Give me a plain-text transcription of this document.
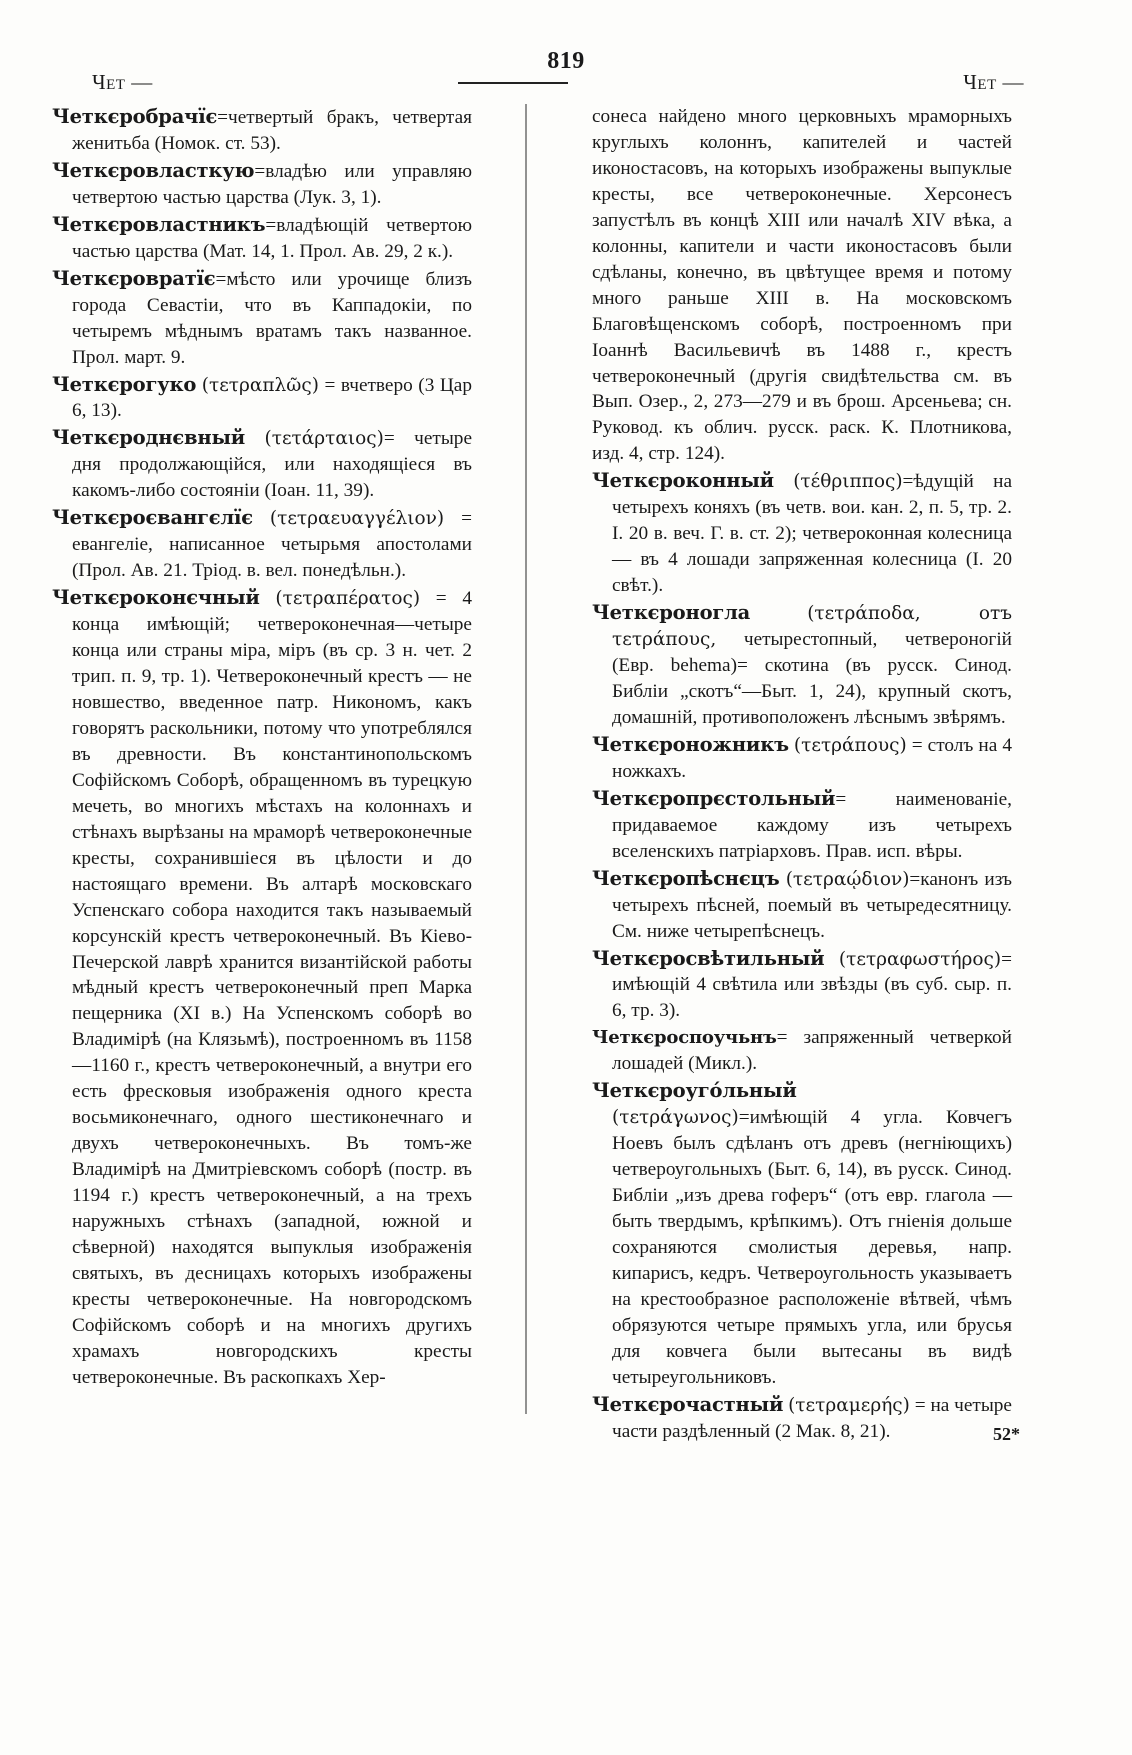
819
Чет —	Чет —

Четкєробрачїє=четвертый бракъ, четвертая женитьба (Номок. ст. 53).

Четкєровласткую=владѣю или управляю четвертою частью царства (Лук. 3, 1).

Четкєровластникъ=владѣющій четвертою частью царства (Мат. 14, 1. Прол. Ав. 29, 2 к.).

Четкєровратїє=мѣсто или урочище близъ города Севастіи, что въ Каппадокіи, по четыремъ мѣднымъ вратамъ такъ названное. Прол. март. 9.

Четкєрогуко (τετραπλῶς) = вчетверо (3 Цар 6, 13).

Четкєроднєвный (τετάρταιος)= четыре дня продолжающійся, или находящіеся въ какомъ-либо состояніи (Іоан. 11, 39).

Четкєроєвангєлїє (τετραευαγγέλιον) = евангеліе, написанное четырьмя апостолами (Прол. Ав. 21. Тріод. в. вел. понедѣльн.).

Четкєроконєчный (τετραπέρατος) = 4 конца имѣющій; четвероконечная—четыре конца или страны міра, міръ (въ ср. 3 н. чет. 2 трип. п. 9, тр. 1). Четвероконечный крестъ — не новшество, введенное патр. Никономъ, какъ говорятъ раскольники, потому что употреблялся въ древности. Въ константинопольскомъ Софійскомъ Соборѣ, обращенномъ въ турецкую мечеть, во многихъ мѣстахъ на колоннахъ и стѣнахъ вырѣзаны на мраморѣ четвероконечные кресты, сохранившіеся въ цѣлости и до настоящаго времени. Въ алтарѣ московскаго Успенскаго собора находится такъ называемый корсунскій крестъ четвероконечный. Въ Кіево-Печерской лаврѣ хранится византійской работы мѣдный крестъ четвероконечный преп Марка пещерника (XI в.) На Успенскомъ соборѣ во Владимірѣ (на Клязьмѣ), построенномъ въ 1158—1160 г., крестъ четвероконечный, а внутри его есть фресковыя изображенія одного креста восьмиконечнаго, одного шестиконечнаго и двухъ четвероконечныхъ. Въ томъ-же Владимірѣ на Дмитріевскомъ соборѣ (постр. въ 1194 г.) крестъ четвероконечный, а на трехъ наружныхъ стѣнахъ (западной, южной и сѣверной) находятся выпуклыя изображенія святыхъ, въ десницахъ которыхъ изображены кресты четвероконечные. На новгородскомъ Софійскомъ соборѣ и на многихъ другихъ храмахъ новгородскихъ кресты четвероконечные. Въ раскопкахъ Хер-

сонеса найдено много церковныхъ мраморныхъ круглыхъ колоннъ, капителей и частей иконостасовъ, на которыхъ изображены выпуклые кресты, все четвероконечные. Херсонесъ запустѣлъ въ концѣ XIII или началѣ XIV вѣка, а колонны, капители и части иконостасовъ были сдѣланы, конечно, въ цвѣтущее время и потому много раньше XIII в. На московскомъ Благовѣщенскомъ соборѣ, построенномъ при Іоаннѣ Васильевичѣ въ 1488 г., крестъ четвероконечный (другія свидѣтельства см. въ Вып. Озер., 2, 273—279 и въ брош. Арсеньева; сн. Руковод. къ облич. русск. раск. К. Плотникова, изд. 4, стр. 124).

Четкєроконный (τέθριππος)=ѣдущій на четырехъ коняхъ (въ четв. вои. кан. 2, п. 5, тр. 2. І. 20 в. веч. Г. в. ст. 2); четвероконная колесница — въ 4 лошади запряженная колесница (І. 20 свѣт.).

Четкєроногла	(τετράποδα, отъ τετράπους, четырестопный, четвероногій (Евр. behema)= скотина (въ русск. Синод. Библіи „скотъ“—Быт. 1, 24), крупный скотъ, домашній, противоположенъ лѣснымъ звѣрямъ.

Четкєроножникъ (τετράπους) = столъ на 4 ножкахъ.

Четкєропрєстольный= наименованіе, придаваемое каждому изъ четырехъ вселенскихъ патріарховъ. Прав. исп. вѣры.

Четкєропѣснєцъ (τετραῴδιον)=канонъ изъ четырехъ пѣсней, поемый въ четыредесятницу. См. ниже четырепѣснецъ.

Четкєросвѣтильный (τετραφωστήρος)= имѣющій 4 свѣтила или звѣзды (въ суб. сыр. п. 6, тр. 3).

Четкєроспоучьнъ= запряженный четверкой лошадей (Микл.).

Четкєроуго́льный (τετράγωνος)=имѣющій 4 угла. Ковчегъ Ноевъ былъ сдѣланъ отъ древъ (негніющихъ) четвероугольныхъ (Быт. 6, 14), въ русск. Синод. Библіи „изъ древа гоферъ“ (отъ евр. глагола — быть твердымъ, крѣпкимъ). Отъ гніенія дольше сохраняются смолистыя деревья, напр. кипарисъ, кедръ. Четвероугольность указываетъ на крестообразное расположеніе вѣтвей, чѣмъ обрязуются четыре прямыхъ угла, или брусья для ковчега были вытесаны въ видѣ четыреугольниковъ.

Четкєрочастный (τετραμερής) = на четыре части раздѣленный (2 Мак. 8, 21).	52*
